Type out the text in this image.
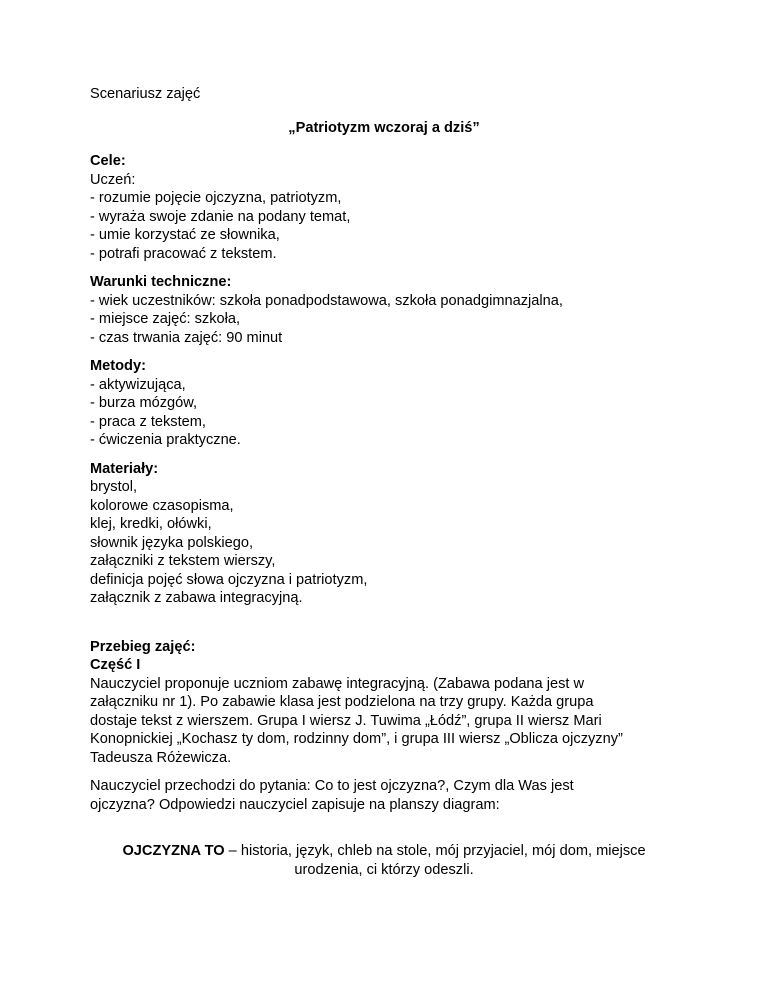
Scenariusz zajęć
„Patriotyzm wczoraj a dziś”
Cele:
Uczeń:
- rozumie pojęcie ojczyzna, patriotyzm,
- wyraża swoje zdanie na podany temat,
- umie korzystać ze słownika,
- potrafi pracować z tekstem.
Warunki techniczne:
- wiek uczestników: szkoła ponadpodstawowa, szkoła ponadgimnazjalna,
- miejsce zajęć: szkoła,
- czas trwania zajęć: 90 minut
Metody:
- aktywizująca,
- burza mózgów,
- praca z tekstem,
- ćwiczenia praktyczne.
Materiały:
brystol,
kolorowe czasopisma,
klej, kredki, ołówki,
słownik języka polskiego,
załączniki z tekstem wierszy,
definicja pojęć słowa ojczyzna i patriotyzm,
załącznik z zabawa integracyjną.
Przebieg zajęć:
Część I
Nauczyciel proponuje uczniom zabawę integracyjną. (Zabawa podana jest w
załączniku nr 1). Po zabawie klasa jest podzielona na trzy grupy. Każda grupa
dostaje tekst z wierszem. Grupa I wiersz J. Tuwima „Łódź”, grupa II wiersz Mari
Konopnickiej „Kochasz ty dom, rodzinny dom”, i grupa III wiersz „Oblicza ojczyzny”
Tadeusza Różewicza.
Nauczyciel przechodzi do pytania: Co to jest ojczyzna?, Czym dla Was jest
ojczyzna? Odpowiedzi nauczyciel zapisuje na planszy diagram:
OJCZYZNA TO – historia, język, chleb na stole, mój przyjaciel, mój dom, miejsce urodzenia, ci którzy odeszli.
